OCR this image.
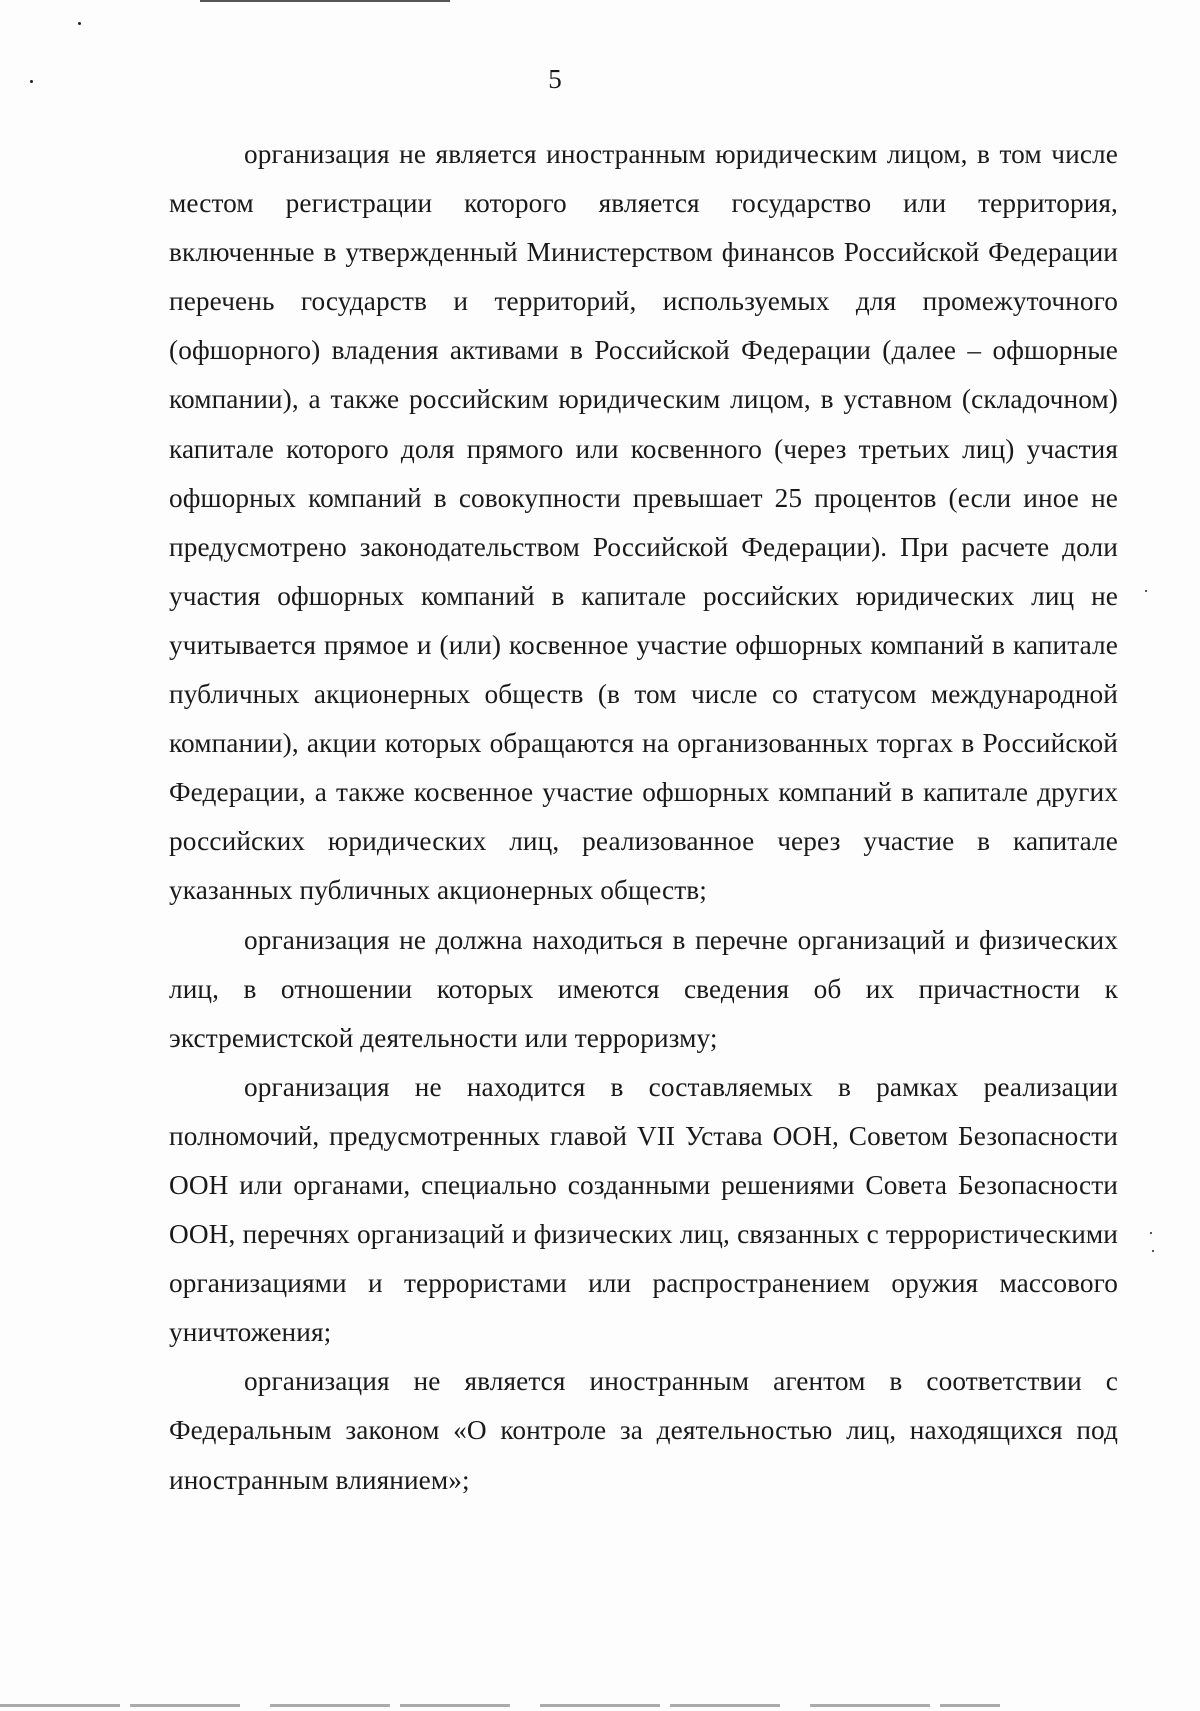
5

организация не является иностранным юридическим лицом, в том числе местом регистрации которого является государство или территория, включенные в утвержденный Министерством финансов Российской Федерации перечень государств и территорий, используемых для промежуточного (офшорного) владения активами в Российской Федерации (далее – офшорные компании), а также российским юридическим лицом, в уставном (складочном) капитале которого доля прямого или косвенного (через третьих лиц) участия офшорных компаний в совокупности превышает 25 процентов (если иное не предусмотрено законодательством Российской Федерации). При расчете доли участия офшорных компаний в капитале российских юридических лиц не учитывается прямое и (или) косвенное участие офшорных компаний в капитале публичных акционерных обществ (в том числе со статусом международной компании), акции которых обращаются на организованных торгах в Российской Федерации, а также косвенное участие офшорных компаний в капитале других российских юридических лиц, реализованное через участие в капитале указанных публичных акционерных обществ;

организация не должна находиться в перечне организаций и физических лиц, в отношении которых имеются сведения об их причастности к экстремистской деятельности или терроризму;

организация не находится в составляемых в рамках реализации полномочий, предусмотренных главой VII Устава ООН, Советом Безопасности ООН или органами, специально созданными решениями Совета Безопасности ООН, перечнях организаций и физических лиц, связанных с террористическими организациями и террористами или распространением оружия массового уничтожения;

организация не является иностранным агентом в соответствии с Федеральным законом «О контроле за деятельностью лиц, находящихся под иностранным влиянием»;
